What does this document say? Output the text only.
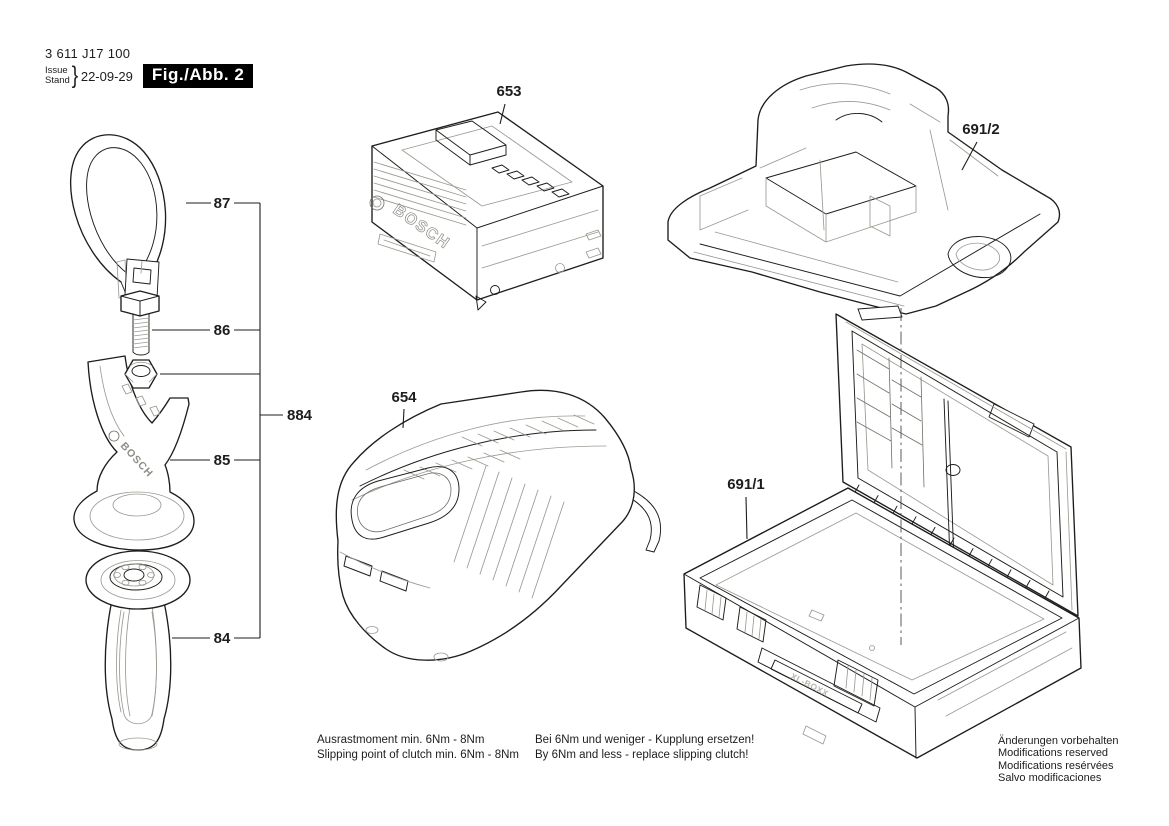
3 611 J17 100
Issue
Stand } 22-09-29	Fig./Abb. 2
BOSCH
BOSCH
XL-BOXX
87
86
884
85
84
653
654
691/2
691/1
Ausrastmoment min. 6Nm - 8Nm
Slipping point of clutch min. 6Nm - 8Nm
Bei 6Nm und weniger - Kupplung ersetzen!
By 6Nm and less - replace slipping clutch!
Änderungen vorbehalten
Modifications reserved
Modifications resérvées
Salvo modificaciones
